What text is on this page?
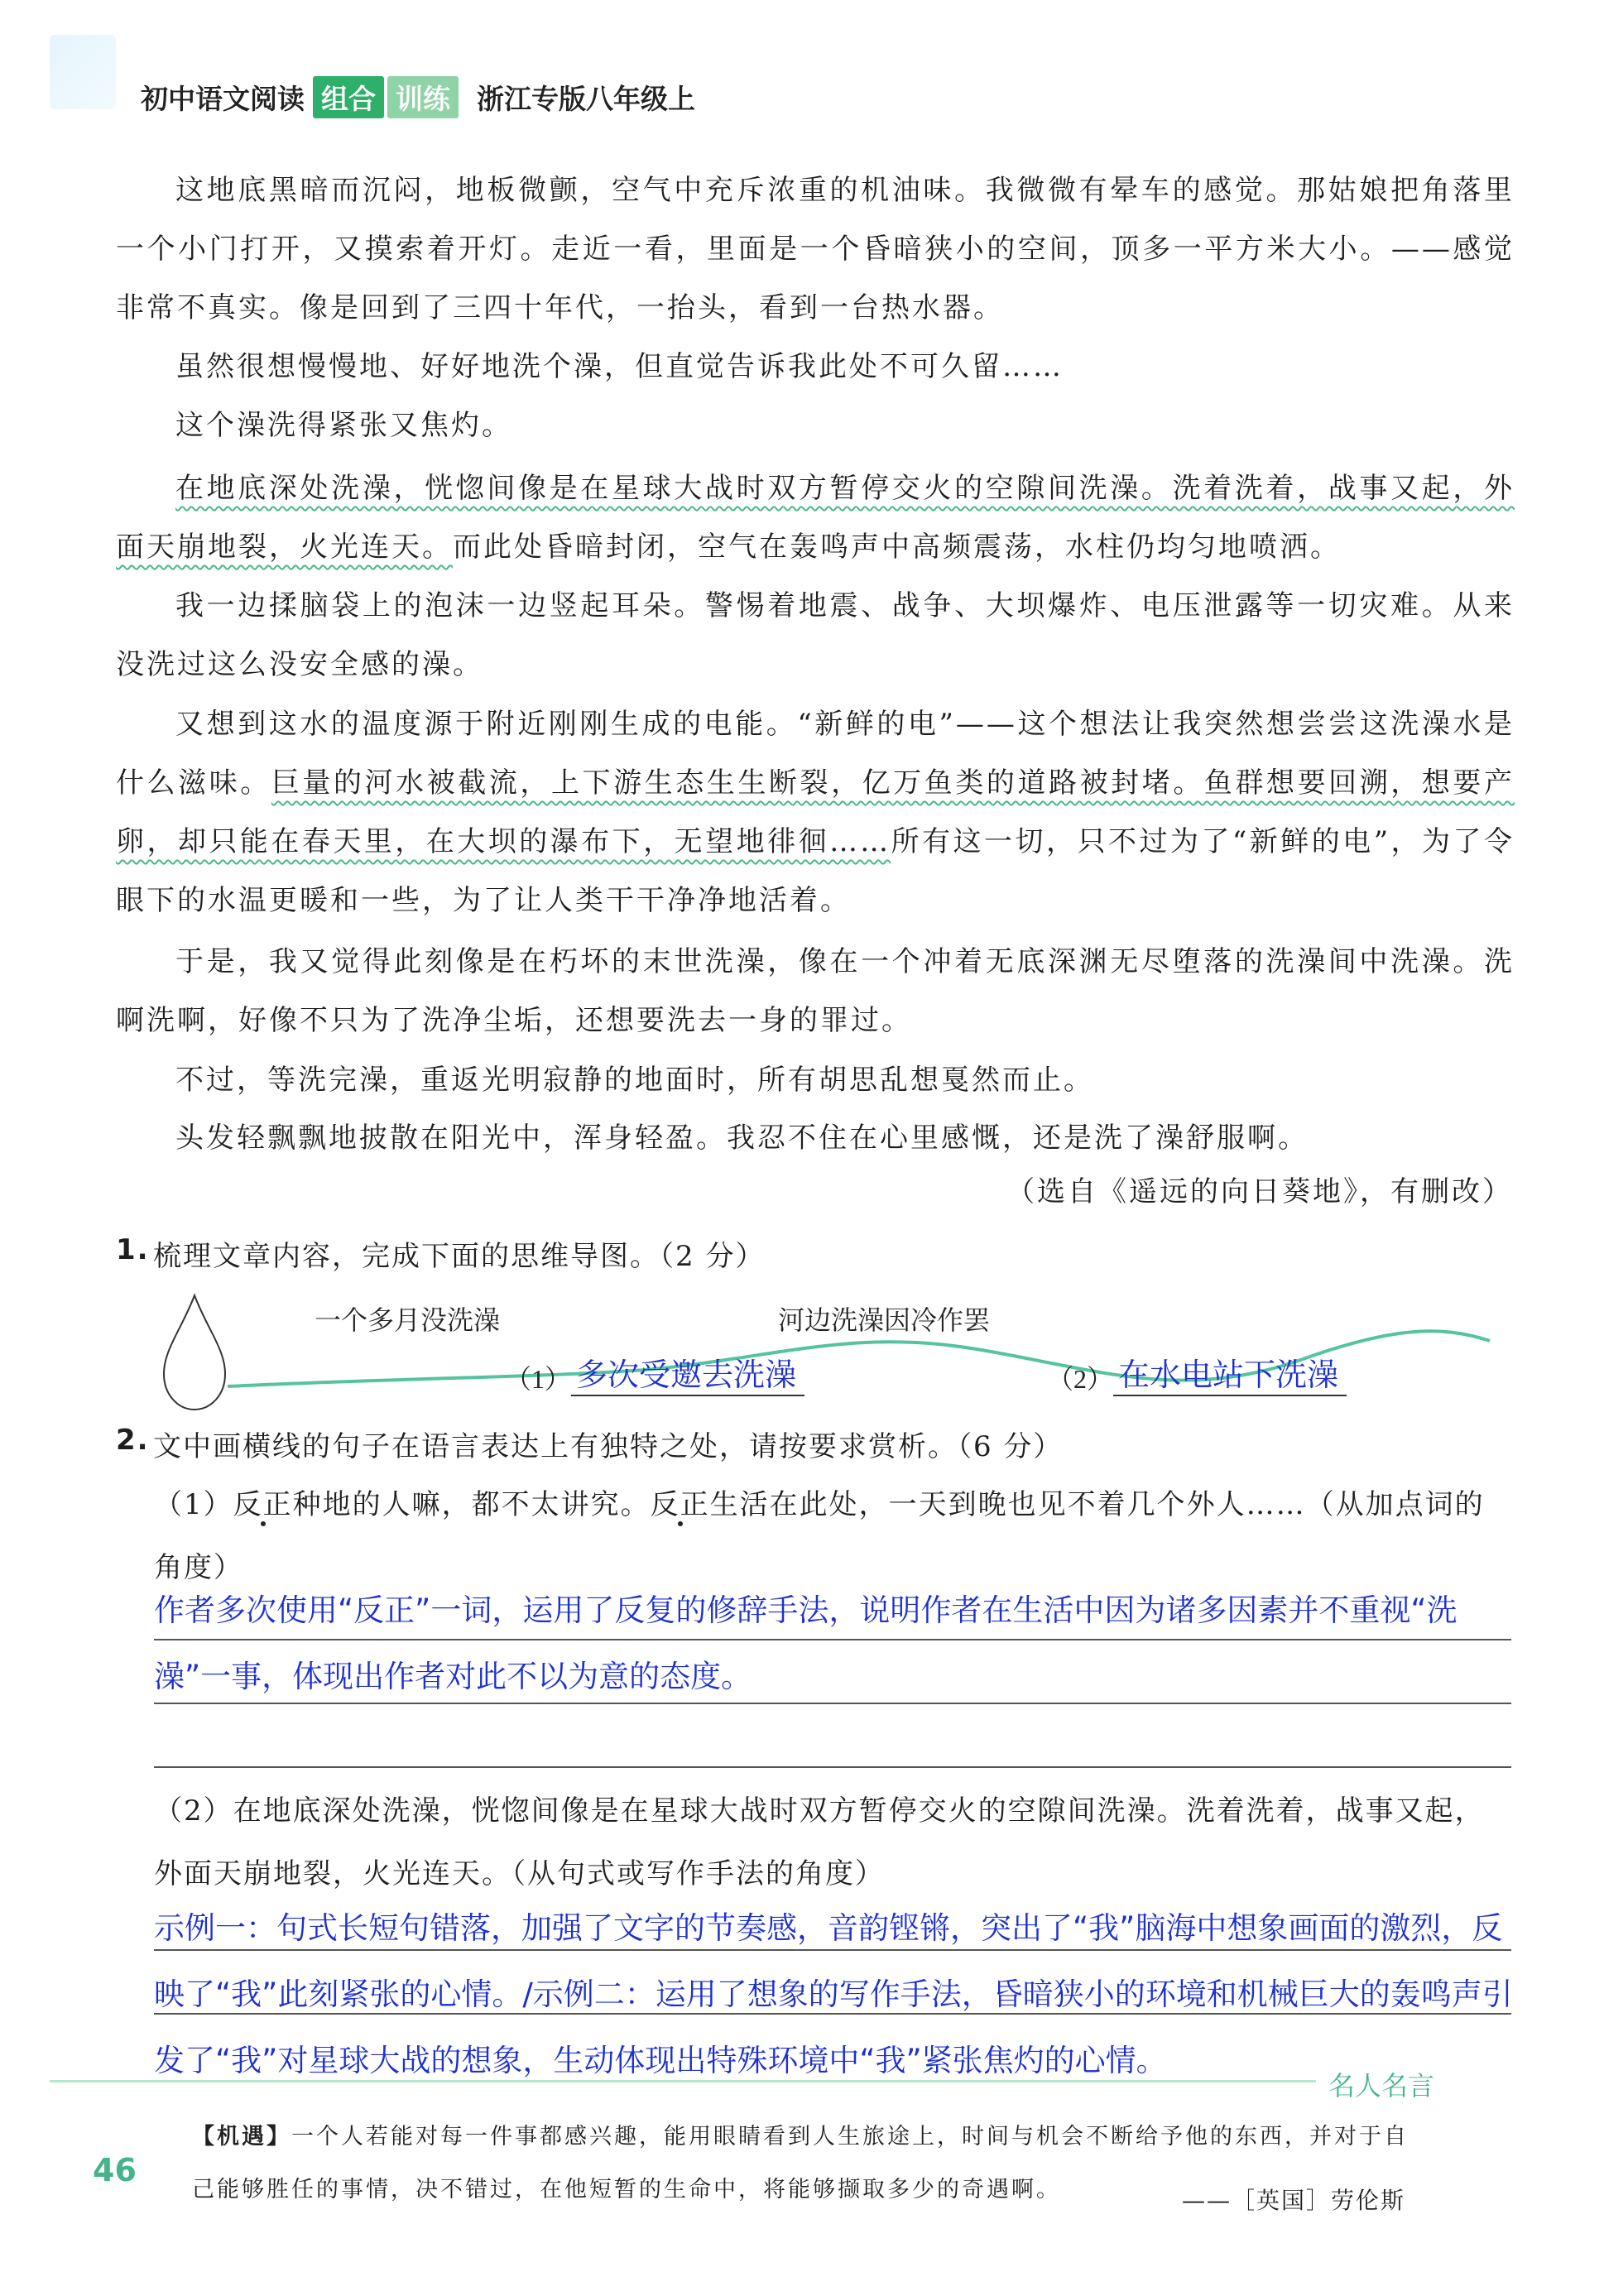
初中语文阅读 组合 训练 浙江专版八年级上

这地底黑暗而沉闷，地板微颤，空气中充斥浓重的机油味。我微微有晕车的感觉。那姑娘把角落里一个小门打开，又摸索着开灯。走近一看，里面是一个昏暗狭小的空间，顶多一平方米大小。——感觉非常不真实。像是回到了三四十年代，一抬头，看到一台热水器。

虽然很想慢慢地、好好地洗个澡，但直觉告诉我此处不可久留……

这个澡洗得紧张又焦灼。

在地底深处洗澡，恍惚间像是在星球大战时双方暂停交火的空隙间洗澡。洗着洗着，战事又起，外面天崩地裂，火光连天。而此处昏暗封闭，空气在轰鸣声中高频震荡，水柱仍均匀地喷洒。

我一边揉脑袋上的泡沫一边竖起耳朵。警惕着地震、战争、大坝爆炸、电压泄露等一切灾难。从来没洗过这么没安全感的澡。

又想到这水的温度源于附近刚刚生成的电能。“新鲜的电”——这个想法让我突然想尝尝这洗澡水是什么滋味。巨量的河水被截流，上下游生态生生断裂，亿万鱼类的道路被封堵。鱼群想要回溯，想要产卵，却只能在春天里，在大坝的瀑布下，无望地徘徊……所有这一切，只不过为了“新鲜的电”，为了令眼下的水温更暖和一些，为了让人类干干净净地活着。

于是，我又觉得此刻像是在朽坏的末世洗澡，像在一个冲着无底深渊无尽堕落的洗澡间中洗澡。洗啊洗啊，好像不只为了洗净尘垢，还想要洗去一身的罪过。

不过，等洗完澡，重返光明寂静的地面时，所有胡思乱想戛然而止。

头发轻飘飘地披散在阳光中，浑身轻盈。我忍不住在心里感慨，还是洗了澡舒服啊。

（选自《遥远的向日葵地》，有删改）
1. 梳理文章内容，完成下面的思维导图。（2 分）
一个多月没洗澡	河边洗澡因冷作罢
（1） 多次受邀去洗澡	（2） 在水电站下洗澡
2. 文中画横线的句子在语言表达上有独特之处，请按要求赏析。（6 分）

（1）反正种地的人嘛，都不太讲究。反正生活在此处，一天到晚也见不着几个外人……（从加点词的角度）

作者多次使用“反正”一词，运用了反复的修辞手法，说明作者在生活中因为诸多因素并不重视“洗澡”一事，体现出作者对此不以为意的态度。

（2）在地底深处洗澡，恍惚间像是在星球大战时双方暂停交火的空隙间洗澡。洗着洗着，战事又起，外面天崩地裂，火光连天。（从句式或写作手法的角度）

示例一：句式长短句错落，加强了文字的节奏感，音韵铿锵，突出了“我”脑海中想象画面的激烈，反映了“我”此刻紧张的心情。/示例二：运用了想象的写作手法，昏暗狭小的环境和机械巨大的轰鸣声引发了“我”对星球大战的想象，生动体现出特殊环境中“我”紧张焦灼的心情。

名人名言
46

【机遇】一个人若能对每一件事都感兴趣，能用眼睛看到人生旅途上，时间与机会不断给予他的东西，并对于自己能够胜任的事情，决不错过，在他短暂的生命中，将能够撷取多少的奇遇啊。	——［英国］劳伦斯
